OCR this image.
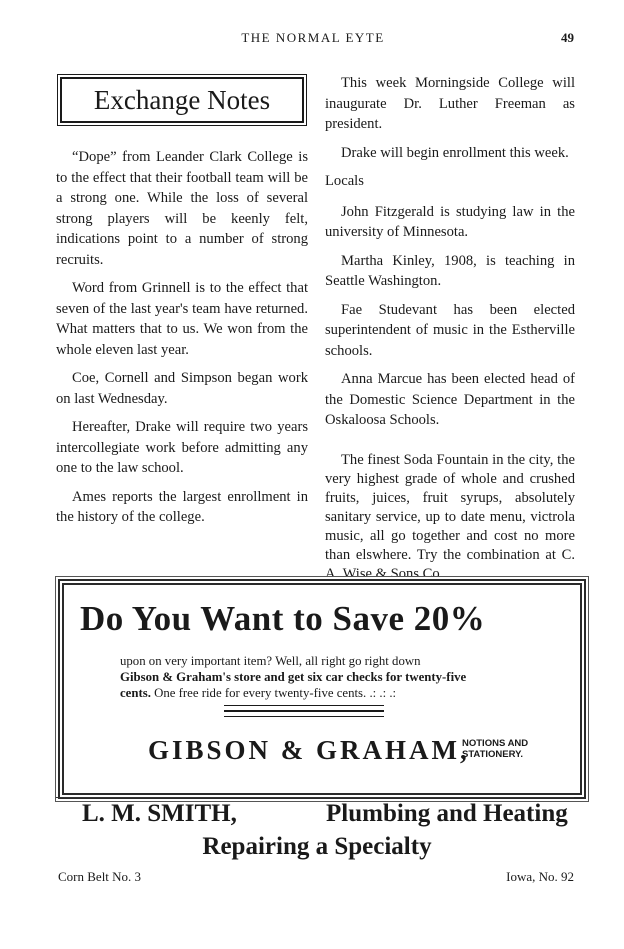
THE NORMAL EYTE	49
Exchange Notes

“Dope” from Leander Clark College is to the effect that their football team will be a strong one. While the loss of several strong players will be keenly felt, indications point to a number of strong recruits.

Word from Grinnell is to the effect that seven of the last year's team have returned. What matters that to us. We won from the whole eleven last year.

Coe, Cornell and Simpson began work on last Wednesday.

Hereafter, Drake will require two years intercollegiate work before admitting any one to the law school.

Ames reports the largest enrollment in the history of the college.

This week Morningside College will inaugurate Dr. Luther Freeman as president.

Drake will begin enrollment this week.

Locals

John Fitzgerald is studying law in the university of Minnesota.

Martha Kinley, 1908, is teaching in Seattle Washington.

Fae Studevant has been elected superintendent of music in the Estherville schools.

Anna Marcue has been elected head of the Domestic Science Department in the Oskaloosa Schools.

The finest Soda Fountain in the city, the very highest grade of whole and crushed fruits, juices, fruit syrups, absolutely sanitary service, up to date menu, victrola music, all go together and cost no more than elswhere. Try the combination at C. A. Wise & Sons Co.

Do You Want to Save 20%
upon on very important item? Well, all right go right down
Gibson & Graham's store and get six car checks for twenty-five
cents. One free ride for every twenty-five cents. .: .: .:
GIBSON & GRAHAM,
NOTIONS AND
STATIONERY.
L. M. SMITH,	Plumbing and Heating
Repairing a Specialty
Corn Belt No. 3	Iowa, No. 92
